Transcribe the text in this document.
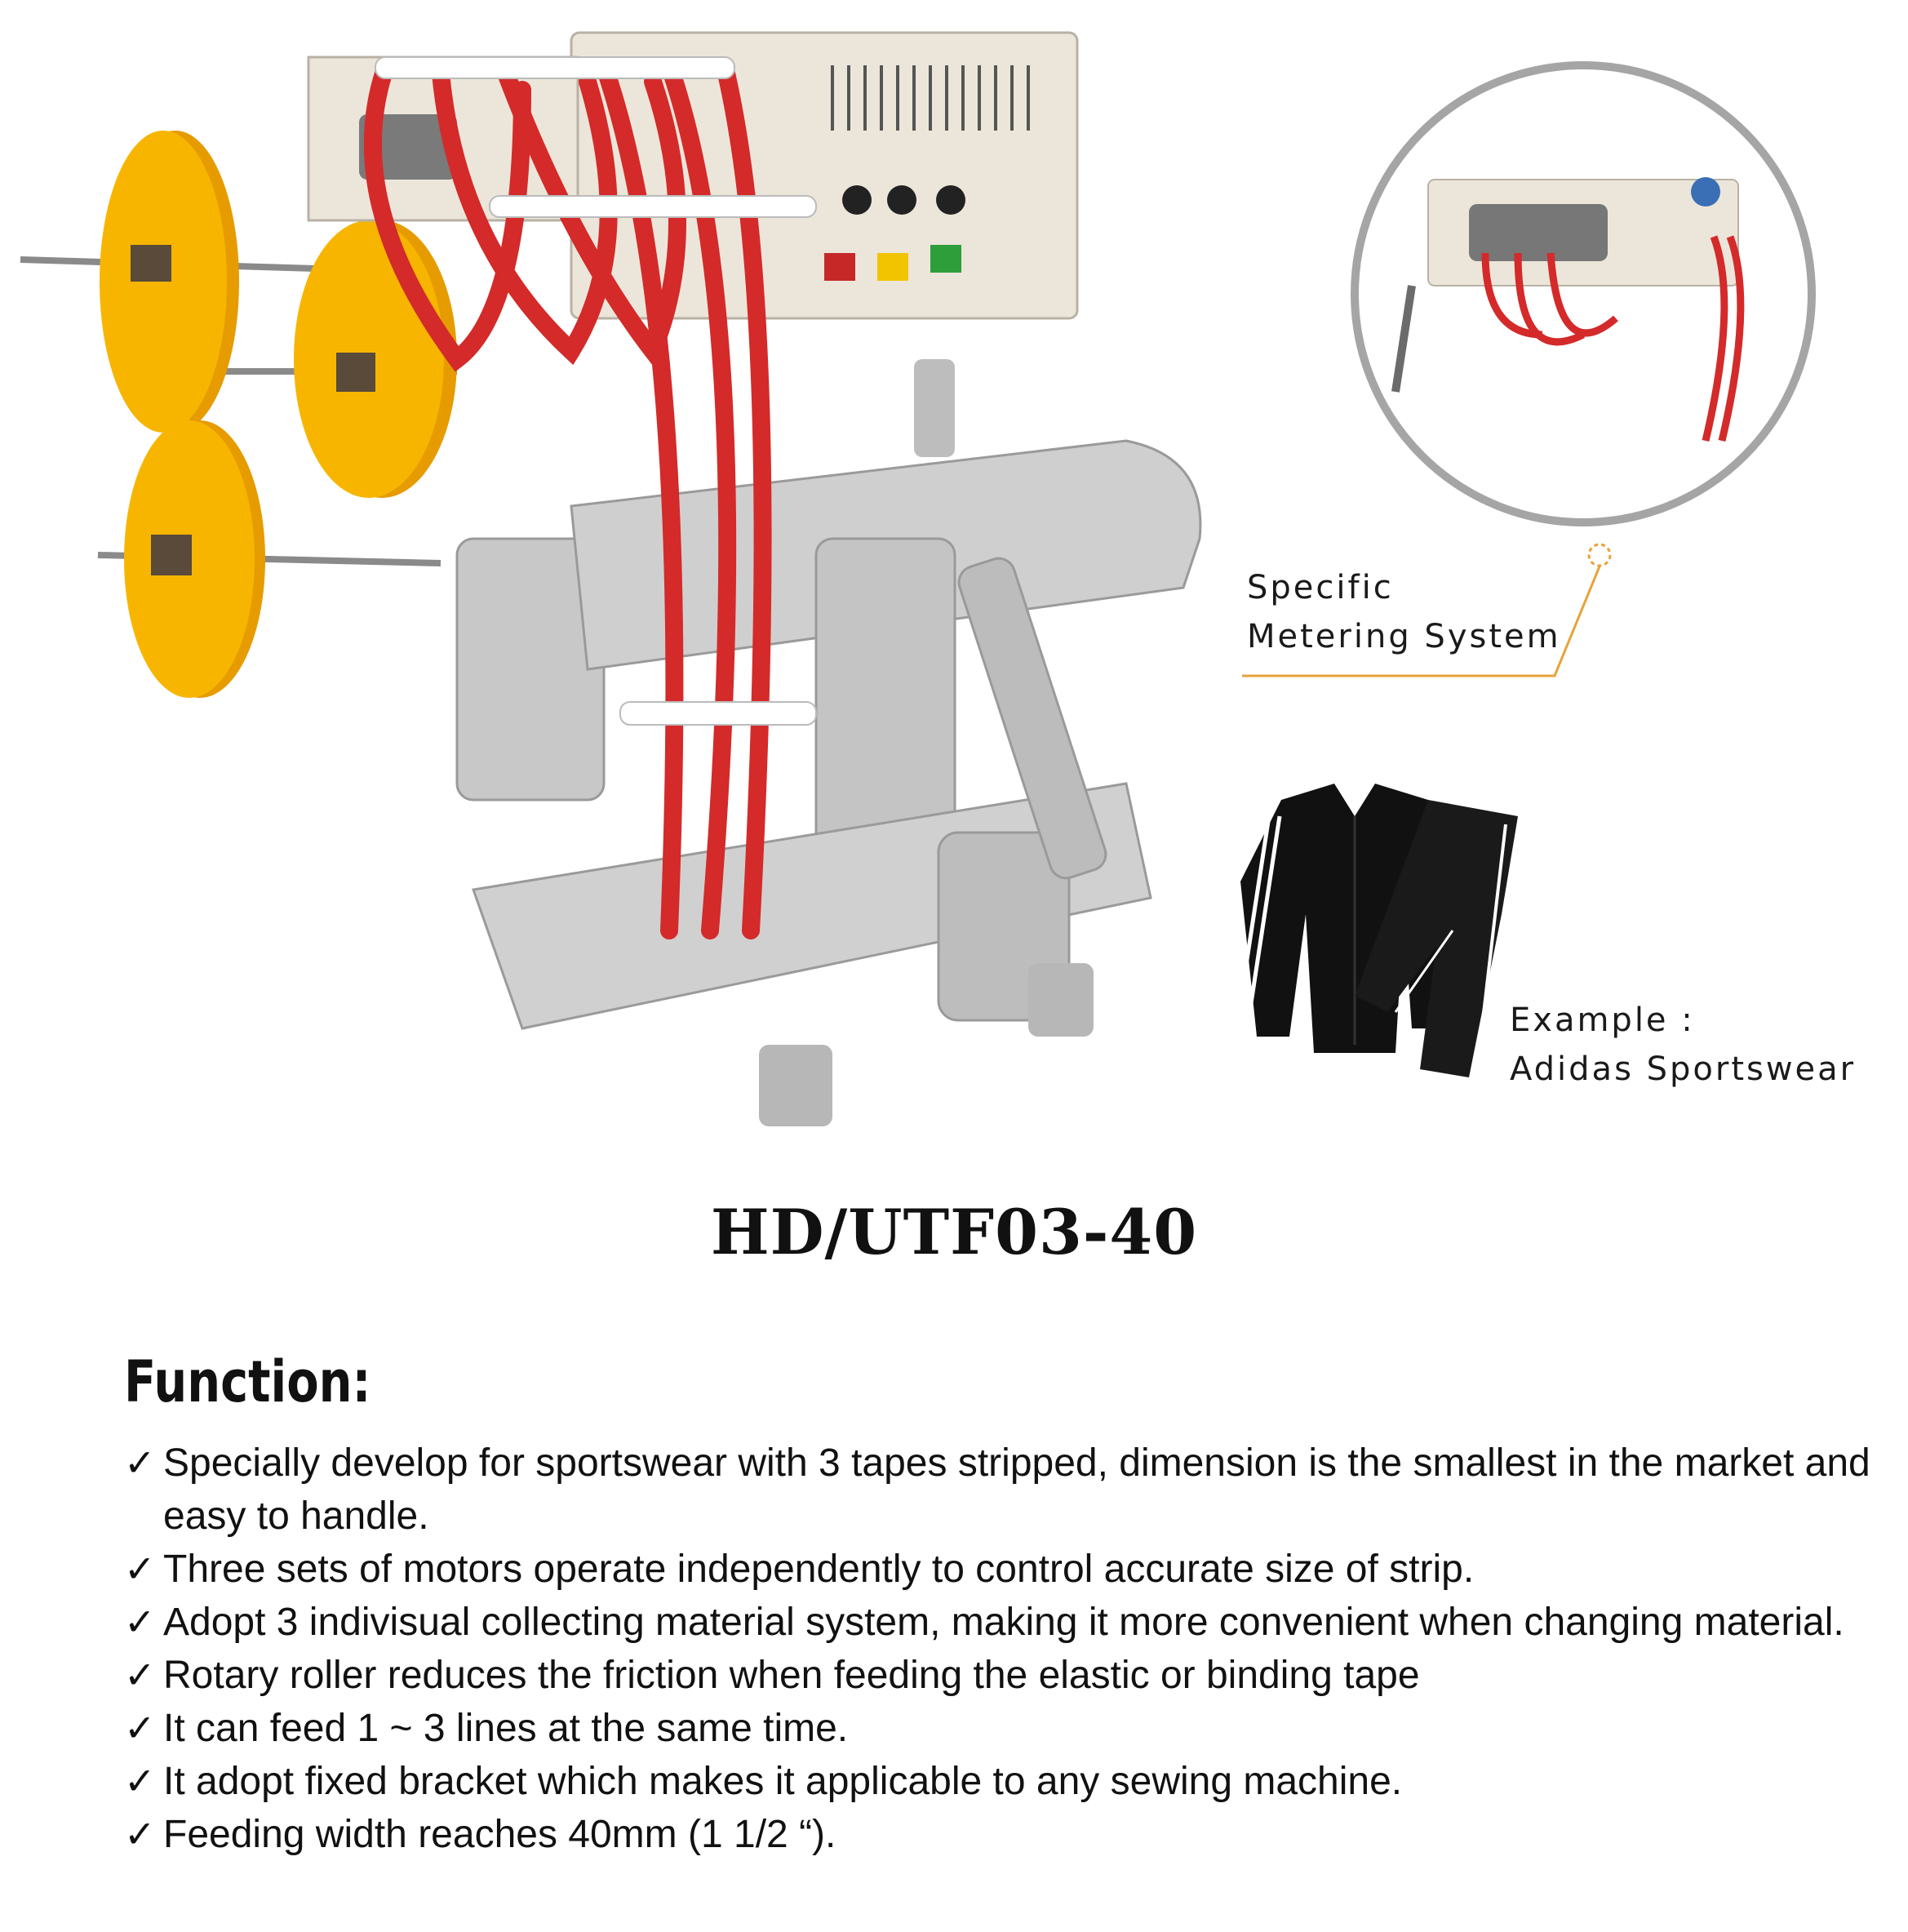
Specific
Metering System
Example :
Adidas Sportswear
HD/UTF03-40
Function:
✓ Specially develop for sportswear with 3 tapes stripped, dimension is the smallest in the market and easy to handle.
✓ Three sets of motors operate independently to control accurate size of strip.
✓ Adopt 3 indivisual collecting material system, making it more convenient when changing material.
✓ Rotary roller reduces the friction when feeding the elastic or binding tape
✓ It can feed 1 ~ 3 lines at the same time.
✓ It adopt fixed bracket which makes it applicable to any sewing machine.
✓ Feeding width reaches 40mm (1 1/2 “).
